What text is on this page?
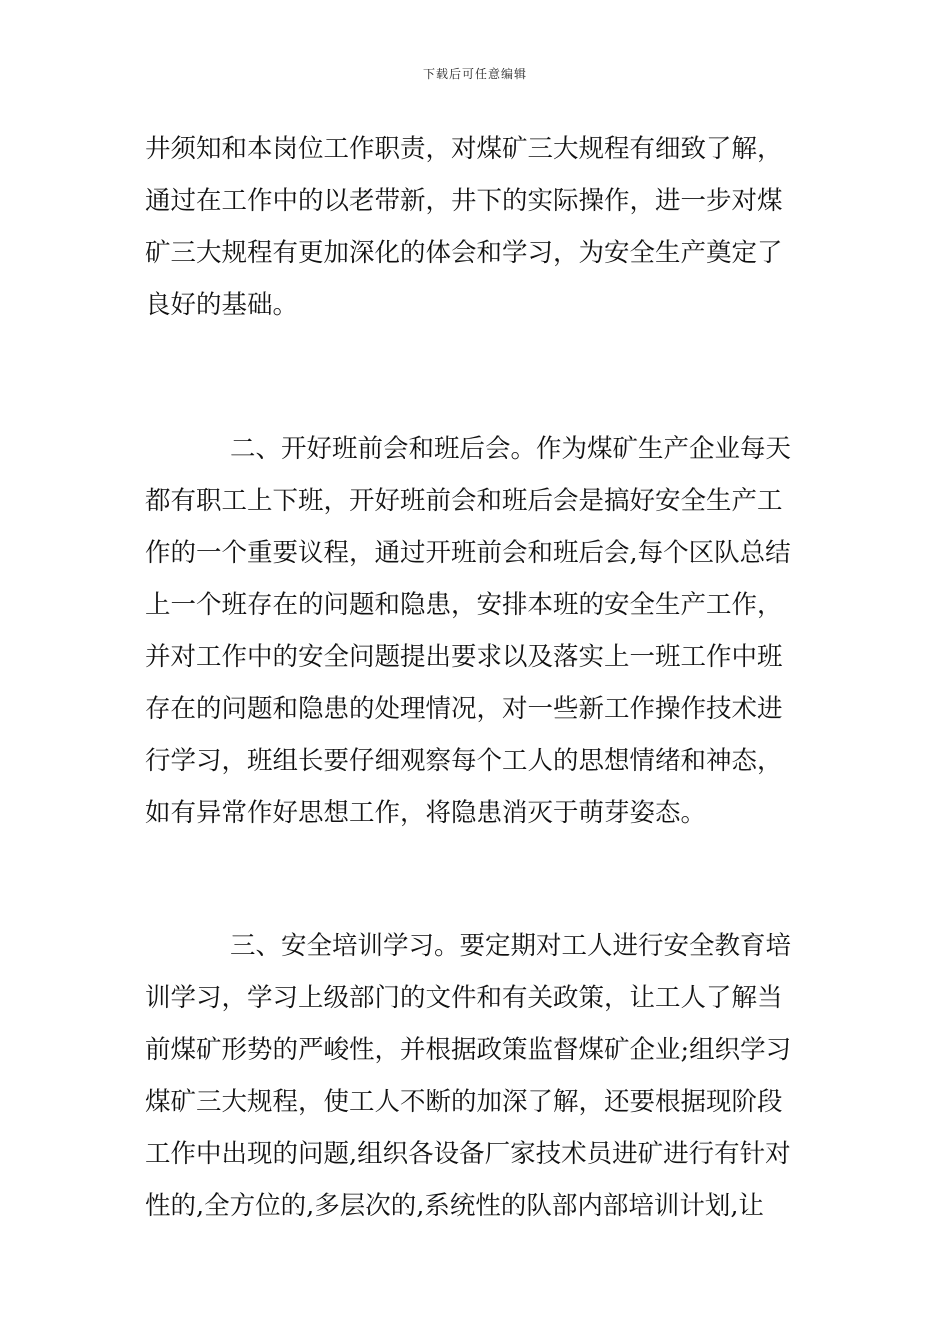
下载后可任意编辑
井须知和本岗位工作职责，对煤矿三大规程有细致了解，
通过在工作中的以老带新，井下的实际操作，进一步对煤
矿三大规程有更加深化的体会和学习，为安全生产奠定了
良好的基础。
二、开好班前会和班后会。作为煤矿生产企业每天
都有职工上下班，开好班前会和班后会是搞好安全生产工
作的一个重要议程，通过开班前会和班后会,每个区队总结
上一个班存在的问题和隐患，安排本班的安全生产工作，
并对工作中的安全问题提出要求以及落实上一班工作中班
存在的问题和隐患的处理情况，对一些新工作操作技术进
行学习，班组长要仔细观察每个工人的思想情绪和神态，
如有异常作好思想工作，将隐患消灭于萌芽姿态。
三、安全培训学习。要定期对工人进行安全教育培
训学习，学习上级部门的文件和有关政策，让工人了解当
前煤矿形势的严峻性，并根据政策监督煤矿企业;组织学习
煤矿三大规程，使工人不断的加深了解，还要根据现阶段
工作中出现的问题,组织各设备厂家技术员进矿进行有针对
性的,全方位的,多层次的,系统性的队部内部培训计划,让
